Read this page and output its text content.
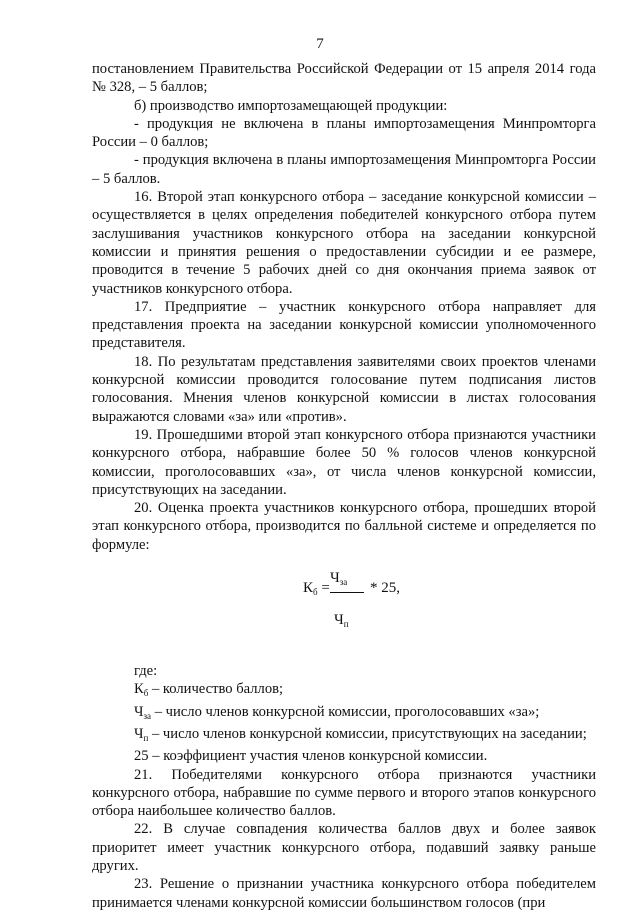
7

постановлением Правительства Российской Федерации от 15 апреля 2014 года № 328, – 5 баллов;

б) производство импортозамещающей продукции:

- продукция не включена в планы импортозамещения Минпромторга России – 0 баллов;

- продукция включена в планы импортозамещения Минпромторга России – 5 баллов.

16. Второй этап конкурсного отбора – заседание конкурсной комиссии – осуществляется в целях определения победителей конкурсного отбора путем заслушивания участников конкурсного отбора на заседании конкурсной комиссии и принятия решения о предоставлении субсидии и ее размере, проводится в течение 5 рабочих дней со дня окончания приема заявок от участников конкурсного отбора.

17. Предприятие – участник конкурсного отбора направляет для представления проекта на заседании конкурсной комиссии уполномоченного представителя.

18. По результатам представления заявителями своих проектов членами конкурсной комиссии проводится голосование путем подписания листов голосования. Мнения членов конкурсной комиссии в листах голосования выражаются словами «за» или «против».

19. Прошедшими второй этап конкурсного отбора признаются участники конкурсного отбора, набравшие более 50 % голосов членов конкурсной комиссии, проголосовавших «за», от числа членов конкурсной комиссии, присутствующих на заседании.

20. Оценка проекта участников конкурсного отбора, прошедших второй этап конкурсного отбора, производится по балльной системе и определяется по формуле:

$К_б$ =
$Ч_{за} * 25$,
$Ч_п$

где:

$К_б$ – количество баллов;

$Ч_{за}$ – число членов конкурсной комиссии, проголосовавших «за»;

$Ч_п$ – число членов конкурсной комиссии, присутствующих на заседании;

25 – коэффициент участия членов конкурсной комиссии.

21. Победителями конкурсного отбора признаются участники конкурсного отбора, набравшие по сумме первого и второго этапов конкурсного отбора наибольшее количество баллов.

22. В случае совпадения количества баллов двух и более заявок приоритет имеет участник конкурсного отбора, подавший заявку раньше других.

23. Решение о признании участника конкурсного отбора победителем принимается членами конкурсной комиссии большинством голосов (при
